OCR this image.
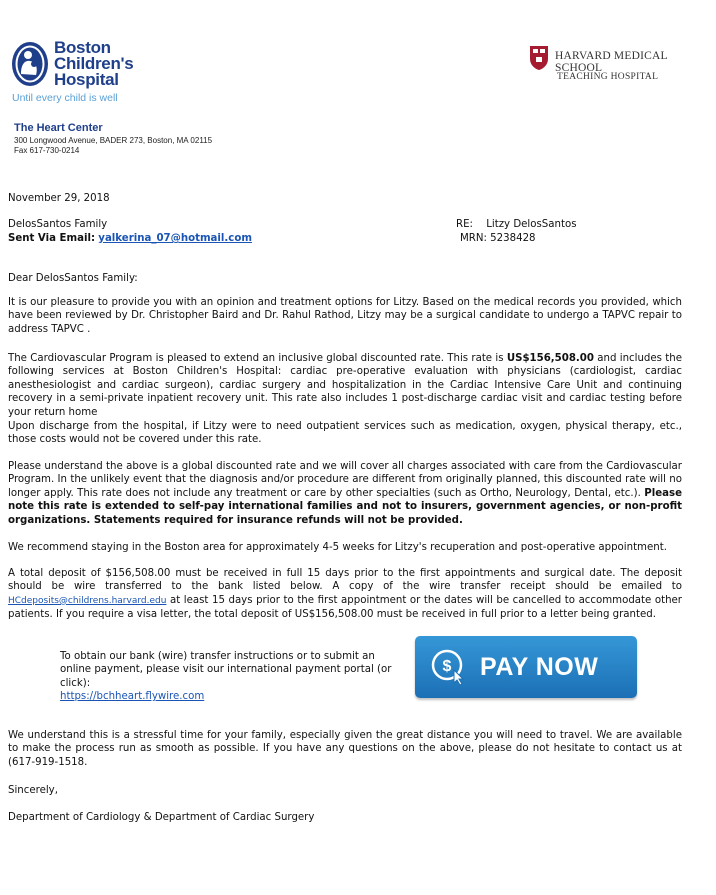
Boston
Children's
Hospital
Until every child is well
HARVARD MEDICAL SCHOOL
TEACHING HOSPITAL
The Heart Center
300 Longwood Avenue, BADER 273, Boston, MA 02115
Fax 617-730-0214
November 29, 2018
DelosSantos Family
Sent Via Email: yalkerina_07@hotmail.com
RE: Litzy DelosSantos
MRN: 5238428
Dear DelosSantos Family:
It is our pleasure to provide you with an opinion and treatment options for Litzy. Based on the medical records you provided, which have been reviewed by Dr. Christopher Baird and Dr. Rahul Rathod, Litzy may be a surgical candidate to undergo a TAPVC repair to address TAPVC .
The Cardiovascular Program is pleased to extend an inclusive global discounted rate. This rate is US$156,508.00 and includes the following services at Boston Children's Hospital: cardiac pre-operative evaluation with physicians (cardiologist, cardiac anesthesiologist and cardiac surgeon), cardiac surgery and hospitalization in the Cardiac Intensive Care Unit and continuing recovery in a semi-private inpatient recovery unit. This rate also includes 1 post-discharge cardiac visit and cardiac testing before your return home
Upon discharge from the hospital, if Litzy were to need outpatient services such as medication, oxygen, physical therapy, etc., those costs would not be covered under this rate.
Please understand the above is a global discounted rate and we will cover all charges associated with care from the Cardiovascular Program. In the unlikely event that the diagnosis and/or procedure are different from originally planned, this discounted rate will no longer apply. This rate does not include any treatment or care by other specialties (such as Ortho, Neurology, Dental, etc.). Please note this rate is extended to self-pay international families and not to insurers, government agencies, or non-profit organizations. Statements required for insurance refunds will not be provided.
We recommend staying in the Boston area for approximately 4-5 weeks for Litzy's recuperation and post-operative appointment.
A total deposit of $156,508.00 must be received in full 15 days prior to the first appointments and surgical date. The deposit should be wire transferred to the bank listed below. A copy of the wire transfer receipt should be emailed to HCdeposits@childrens.harvard.edu at least 15 days prior to the first appointment or the dates will be cancelled to accommodate other patients. If you require a visa letter, the total deposit of US$156,508.00 must be received in full prior to a letter being granted.
To obtain our bank (wire) transfer instructions or to submit an online payment, please visit our international payment portal (or click):
https://bchheart.flywire.com
$ PAY NOW
We understand this is a stressful time for your family, especially given the great distance you will need to travel. We are available to make the process run as smooth as possible. If you have any questions on the above, please do not hesitate to contact us at (617-919-1518.
Sincerely,
Department of Cardiology & Department of Cardiac Surgery
